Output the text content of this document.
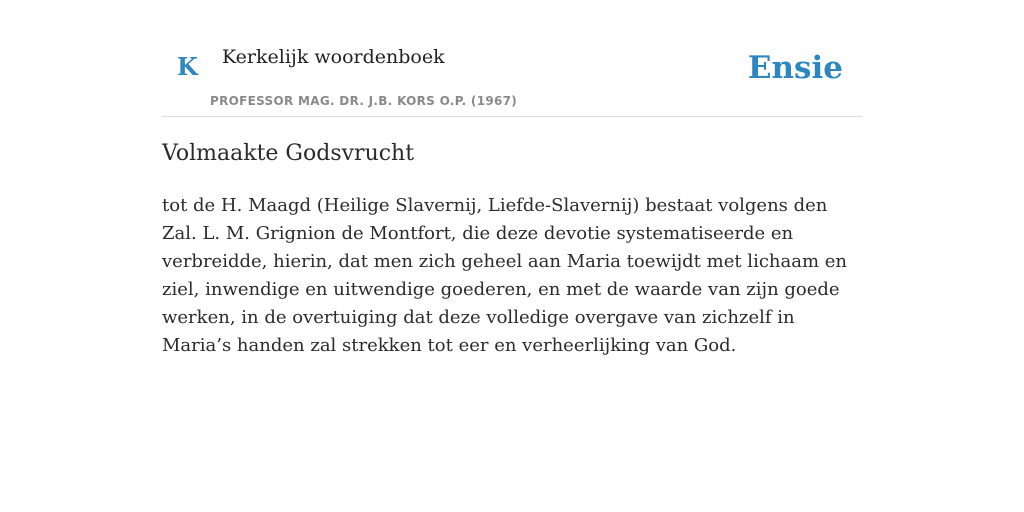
K Kerkelijk woordenboek
PROFESSOR MAG. DR. J.B. KORS O.P. (1967)
Ensie
Volmaakte Godsvrucht

tot de H. Maagd (Heilige Slavernij, Liefde-Slavernij) bestaat volgens den Zal. L. M. Grignion de Montfort, die deze devotie systematiseerde en verbreidde, hierin, dat men zich geheel aan Maria toewijdt met lichaam en ziel, inwendige en uitwendige goederen, en met de waarde van zijn goede werken, in de overtuiging dat deze volledige overgave van zichzelf in Maria’s handen zal strekken tot eer en verheerlijking van God.
